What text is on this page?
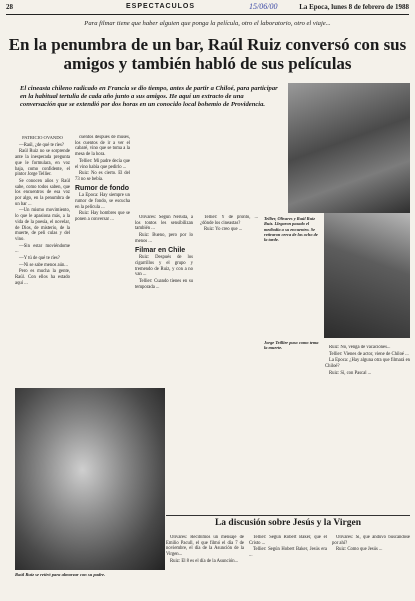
28	ESPECTACULOS	15/06/00	La Epoca, lunes 8 de febrero de 1988
Para filmar tiene que haber alguien que ponga la película, otro el laboratorio, otro el viaje...
En la penumbra de un bar, Raúl Ruiz conversó con sus amigos y también habló de sus películas
El cineasta chileno radicado en Francia se dio tiempo, antes de partir a Chiloé, para participar en la habitual tertulia de cada año junto a sus amigos. He aquí un extracto de una conversación que se extendió por dos horas en un conocido local bohemio de Providencia.
PATRICIO OVANDO

—Raúl, ¿de qué te ríes?

Raúl Ruiz no se sorprende ante la inesperada pregunta que le formulara, en voz baja, como confidente, el pintor Jorge Tellier.

Se conocen años y Raúl sabe, como todos saben, que los encuentros de esa voz por algo, en la penumbra de un bar ...

—Un mismo movimiento, lo que le apasiona más, a la vida de la poesía, el novelar, de Dios, de misterio, de la muerte, de peli culas y del vino.

—Sin estar moviéndome ...

—Y tú de qué te ríes?

—Ni se sabe menos aún...

Pero es mucha la gente, Raúl. Con ellos ha estado aquí ...

cuentos después de muses, los cuentos de ir a ver el cabaré, vino que se toma a la mesa de la hora.

Tellier: Mi padre decía que el vino había que pedirlo ...

Ruiz: No es cierto. El del 73 no se bebía.

Rumor de fondo

La Epoca: Hay siempre un rumor de fondo, se escucha en la película ...

Ruiz: Hay hombres que se ponen a conversar ...	Olivares: Según Neruda, a los tontos les sensibilizan también ...

Ruiz: Bueno, pero por lo menos ...

Filmar en Chile

Ruiz: Después de los cigarrillos y el grupo y tremendo de Ruiz, y con a no van ...

Tellier: Cuando tienes en su temporada ...

Tellier: Y de pronto, ... ¿dónde los cineastas?

Ruiz: Yo creo que ...

Ruiz: No, venga de vacaciones...

Tellier: Vienes de actor, viene de Chiloé ...

La Epoca: ¿Hay alguna otra que filmará en Chiloé?

Ruiz: Sí, con Pascal ...

Tellier, Olivares y Raúl Ruiz Ruiz. Llegaron pasado el mediodía a su encuentro. Se retiraron cerca de las ocho de la tarde.
Jorge Teillier puso como tema la muerte.
Raúl Ruiz se retiró para almorzar con su padre.
La discusión sobre Jesús y la Virgen

Olivares: Recibimos un mensaje de Emilio Pacull, el que filmó el día 7 de noviembre, el día de la Asunción de la Virgen...

Ruiz: El 8 es el día de la Asunción...

Tellier: Según Robert Baker, que el Cristo ...

Tellier: Según Hobert Baker, Jesús era ...

Olivares: Sí, que anduvo buscándose por ahí?

Ruiz: Como que Jesús ...
